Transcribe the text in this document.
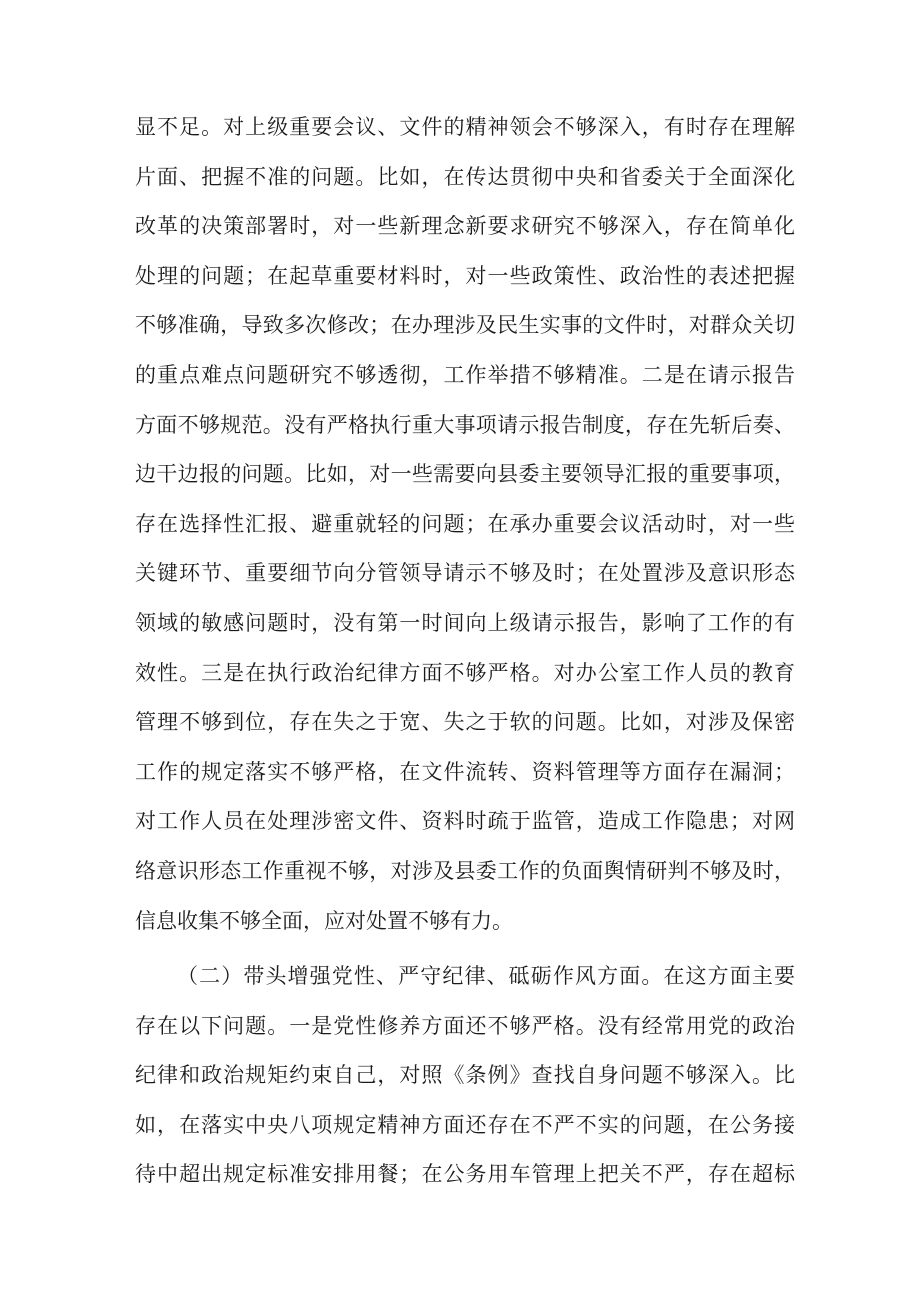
显不足。对上级重要会议、文件的精神领会不够深入，有时存在理解
片面、把握不准的问题。比如，在传达贯彻中央和省委关于全面深化
改革的决策部署时，对一些新理念新要求研究不够深入，存在简单化
处理的问题；在起草重要材料时，对一些政策性、政治性的表述把握
不够准确，导致多次修改；在办理涉及民生实事的文件时，对群众关切
的重点难点问题研究不够透彻，工作举措不够精准。二是在请示报告
方面不够规范。没有严格执行重大事项请示报告制度，存在先斩后奏、
边干边报的问题。比如，对一些需要向县委主要领导汇报的重要事项，
存在选择性汇报、避重就轻的问题；在承办重要会议活动时，对一些
关键环节、重要细节向分管领导请示不够及时；在处置涉及意识形态
领域的敏感问题时，没有第一时间向上级请示报告，影响了工作的有
效性。三是在执行政治纪律方面不够严格。对办公室工作人员的教育
管理不够到位，存在失之于宽、失之于软的问题。比如，对涉及保密
工作的规定落实不够严格，在文件流转、资料管理等方面存在漏洞；
对工作人员在处理涉密文件、资料时疏于监管，造成工作隐患；对网
络意识形态工作重视不够，对涉及县委工作的负面舆情研判不够及时，
信息收集不够全面，应对处置不够有力。
（二）带头增强党性、严守纪律、砥砺作风方面。在这方面主要
存在以下问题。一是党性修养方面还不够严格。没有经常用党的政治
纪律和政治规矩约束自己，对照《条例》查找自身问题不够深入。比
如，在落实中央八项规定精神方面还存在不严不实的问题，在公务接
待中超出规定标准安排用餐；在公务用车管理上把关不严，存在超标
